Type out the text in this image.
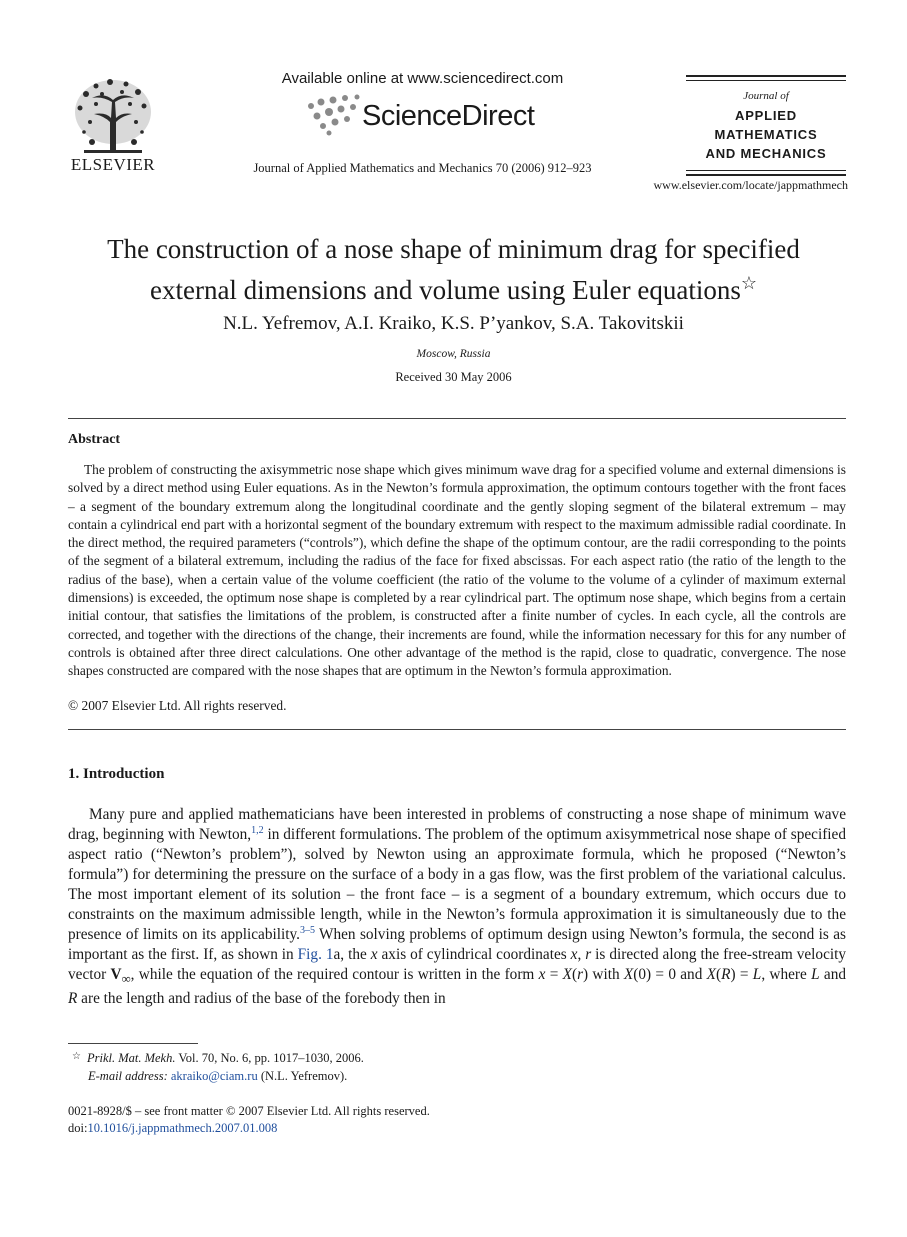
ELSEVIER
Available online at www.sciencedirect.com
ScienceDirect
Journal of Applied Mathematics and Mechanics 70 (2006) 912–923
Journal of
APPLIED
MATHEMATICS
AND MECHANICS
www.elsevier.com/locate/jappmathmech
The construction of a nose shape of minimum drag for specified
external dimensions and volume using Euler equations☆
N.L. Yefremov, A.I. Kraiko, K.S. P’yankov, S.A. Takovitskii
Moscow, Russia
Received 30 May 2006
Abstract
The problem of constructing the axisymmetric nose shape which gives minimum wave drag for a specified volume and external dimensions is solved by a direct method using Euler equations. As in the Newton’s formula approximation, the optimum contours together with the front faces – a segment of the boundary extremum along the longitudinal coordinate and the gently sloping segment of the bilateral extremum – may contain a cylindrical end part with a horizontal segment of the boundary extremum with respect to the maximum admissible radial coordinate. In the direct method, the required parameters (“controls”), which define the shape of the optimum contour, are the radii corresponding to the points of the segment of a bilateral extremum, including the radius of the face for fixed abscissas. For each aspect ratio (the ratio of the length to the radius of the base), when a certain value of the volume coefficient (the ratio of the volume to the volume of a cylinder of maximum external dimensions) is exceeded, the optimum nose shape is completed by a rear cylindrical part. The optimum nose shape, which begins from a certain initial contour, that satisfies the limitations of the problem, is constructed after a finite number of cycles. In each cycle, all the controls are corrected, and together with the directions of the change, their increments are found, while the information necessary for this for any number of controls is obtained after three direct calculations. One other advantage of the method is the rapid, close to quadratic, convergence. The nose shapes constructed are compared with the nose shapes that are optimum in the Newton’s formula approximation.
© 2007 Elsevier Ltd. All rights reserved.
1. Introduction
Many pure and applied mathematicians have been interested in problems of constructing a nose shape of minimum wave drag, beginning with Newton,$^{1,2}$ in different formulations. The problem of the optimum axisymmetrical nose shape of specified aspect ratio (“Newton’s problem”), solved by Newton using an approximate formula, which he proposed (“Newton’s formula”) for determining the pressure on the surface of a body in a gas flow, was the first problem of the variational calculus. The most important element of its solution – the front face – is a segment of a boundary extremum, which occurs due to constraints on the maximum admissible length, while in the Newton’s formula approximation it is simultaneously due to the presence of limits on its applicability.$^{3-5}$ When solving problems of optimum design using Newton’s formula, the second is as important as the first. If, as shown in Fig. 1a, the x axis of cylindrical coordinates x, r is directed along the free-stream velocity vector $V_\infty$, while the equation of the required contour is written in the form x = X(r) with X(0) = 0 and X(R) = L, where L and R are the length and radius of the base of the forebody then in
☆ Prikl. Mat. Mekh. Vol. 70, No. 6, pp. 1017–1030, 2006.
E-mail address: akraiko@ciam.ru (N.L. Yefremov).
0021-8928/$ – see front matter © 2007 Elsevier Ltd. All rights reserved.
doi:10.1016/j.jappmathmech.2007.01.008
